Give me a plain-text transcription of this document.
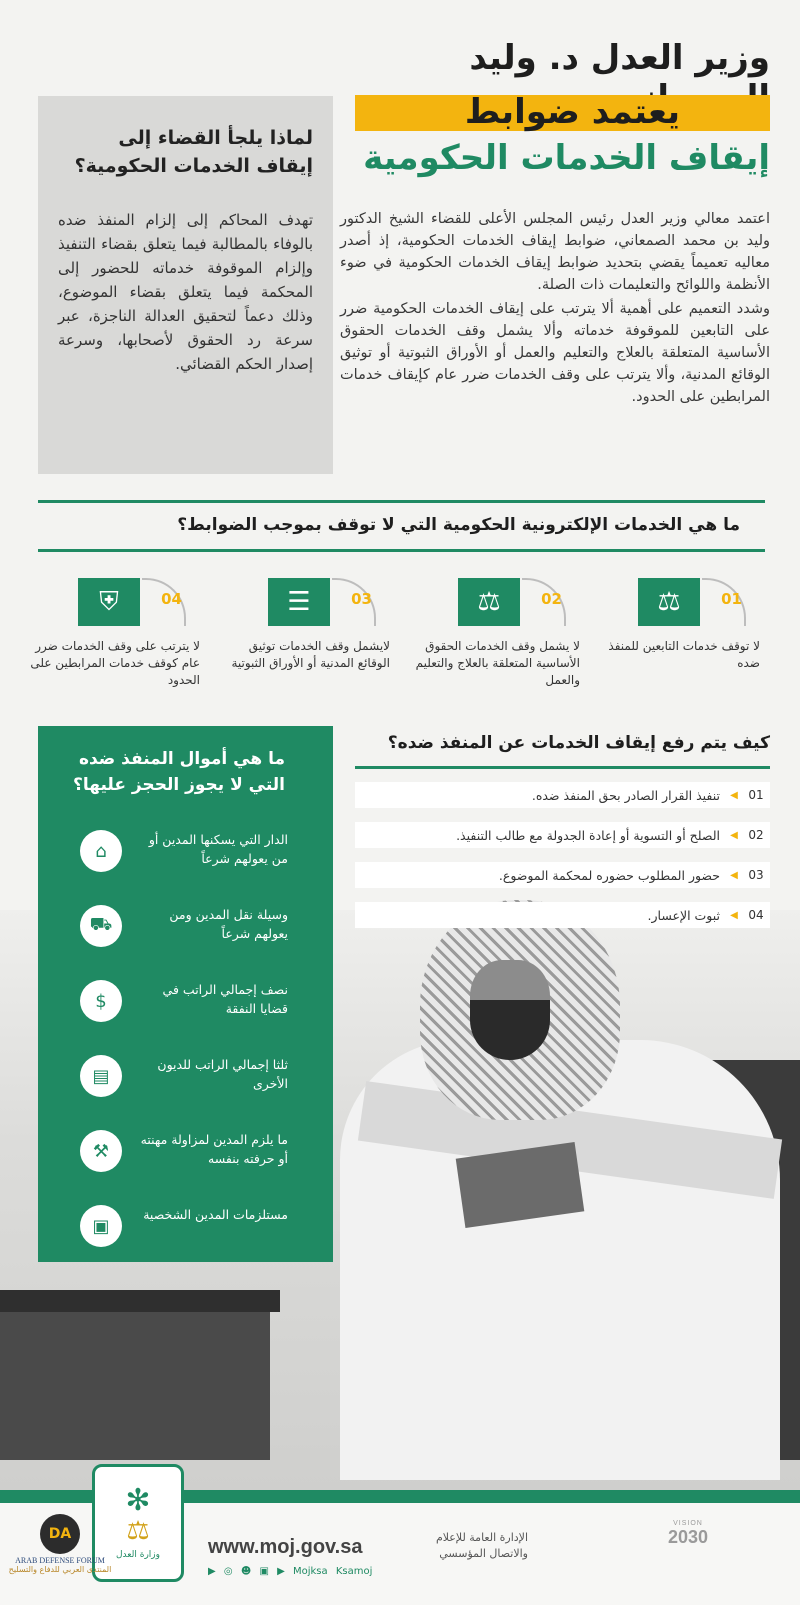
وزير العدل د. وليد
يعتمد ضوابط
إيقاف الخدمات الحكومية

اعتمد معالي وزير العدل رئيس المجلس الأعلى للقضاء الشيخ الدكتور وليد بن محمد الصمعاني، ضوابط إيقاف الخدمات الحكومية، إذ أصدر معاليه تعميماً يقضي بتحديد ضوابط إيقاف الخدمات الحكومية في ضوء الأنظمة واللوائح والتعليمات ذات الصلة.

وشدد التعميم على أهمية ألا يترتب على إيقاف الخدمات الحكومية ضرر على التابعين للموقوفة خدماته وألا يشمل وقف الخدمات الحقوق الأساسية المتعلقة بالعلاج والتعليم والعمل أو الأوراق الثبوتية أو توثيق الوقائع المدنية، وألا يترتب على وقف الخدمات ضرر عام كإيقاف خدمات المرابطين على الحدود.

لماذا يلجأ القضاء إلى إيقاف الخدمات الحكومية؟
تهدف المحاكم إلى إلزام المنفذ ضده بالوفاء بالمطالبة فيما يتعلق بقضاء التنفيذ وإلزام الموقوفة خدماته للحضور إلى المحكمة فيما يتعلق بقضاء الموضوع، وذلك دعماً لتحقيق العدالة الناجزة، عبر سرعة رد الحقوق لأصحابها، وسرعة إصدار الحكم القضائي.
ما هي الخدمات الإلكترونية الحكومية التي لا توقف بموجب الضوابط؟
⚖	01
لا توقف خدمات التابعين للمنفذ ضده
⚖	02
لا يشمل وقف الخدمات الحقوق الأساسية المتعلقة بالعلاج والتعليم والعمل
☰	03
لايشمل وقف الخدمات توثيق الوقائع المدنية أو الأوراق الثبوتية
⛨	04
لا يترتب على وقف الخدمات ضرر عام كوقف خدمات المرابطين على الحدود
كيف يتم رفع إيقاف الخدمات عن المنفذ ضده؟
01
◀
تنفيذ القرار الصادر بحق المنفذ ضده.
02
◀
الصلح أو التسوية أو إعادة الجدولة مع طالب التنفيذ.
03
◀
حضور المطلوب حضوره لمحكمة الموضوع.
04
◀
ثبوت الإعسار.
ما هي أموال المنفذ ضده التي لا يجوز الحجز عليها؟
⌂
الدار التي يسكنها المدين أو من يعولهم شرعاً
⛟	وسيلة نقل المدين ومن يعولهم شرعاً
$
نصف إجمالي الراتب في قضايا النفقة
▤
ثلثا إجمالي الراتب للديون الأخرى
⚒
ما يلزم المدين لمزاولة مهنته أو حرفته بنفسه
▣
مستلزمات المدين الشخصية
✻
⚖
وزارة العدل www.moj.gov.sa
▶ ◎ ☻ ▣ ▶ Mojksa Ksamoj
الإدارة العامة للإعلام
والاتصال المؤسسي
VISION
2030
DA
ARAB DEFENSE FORUM
المنتدى العربي للدفاع والتسليح
